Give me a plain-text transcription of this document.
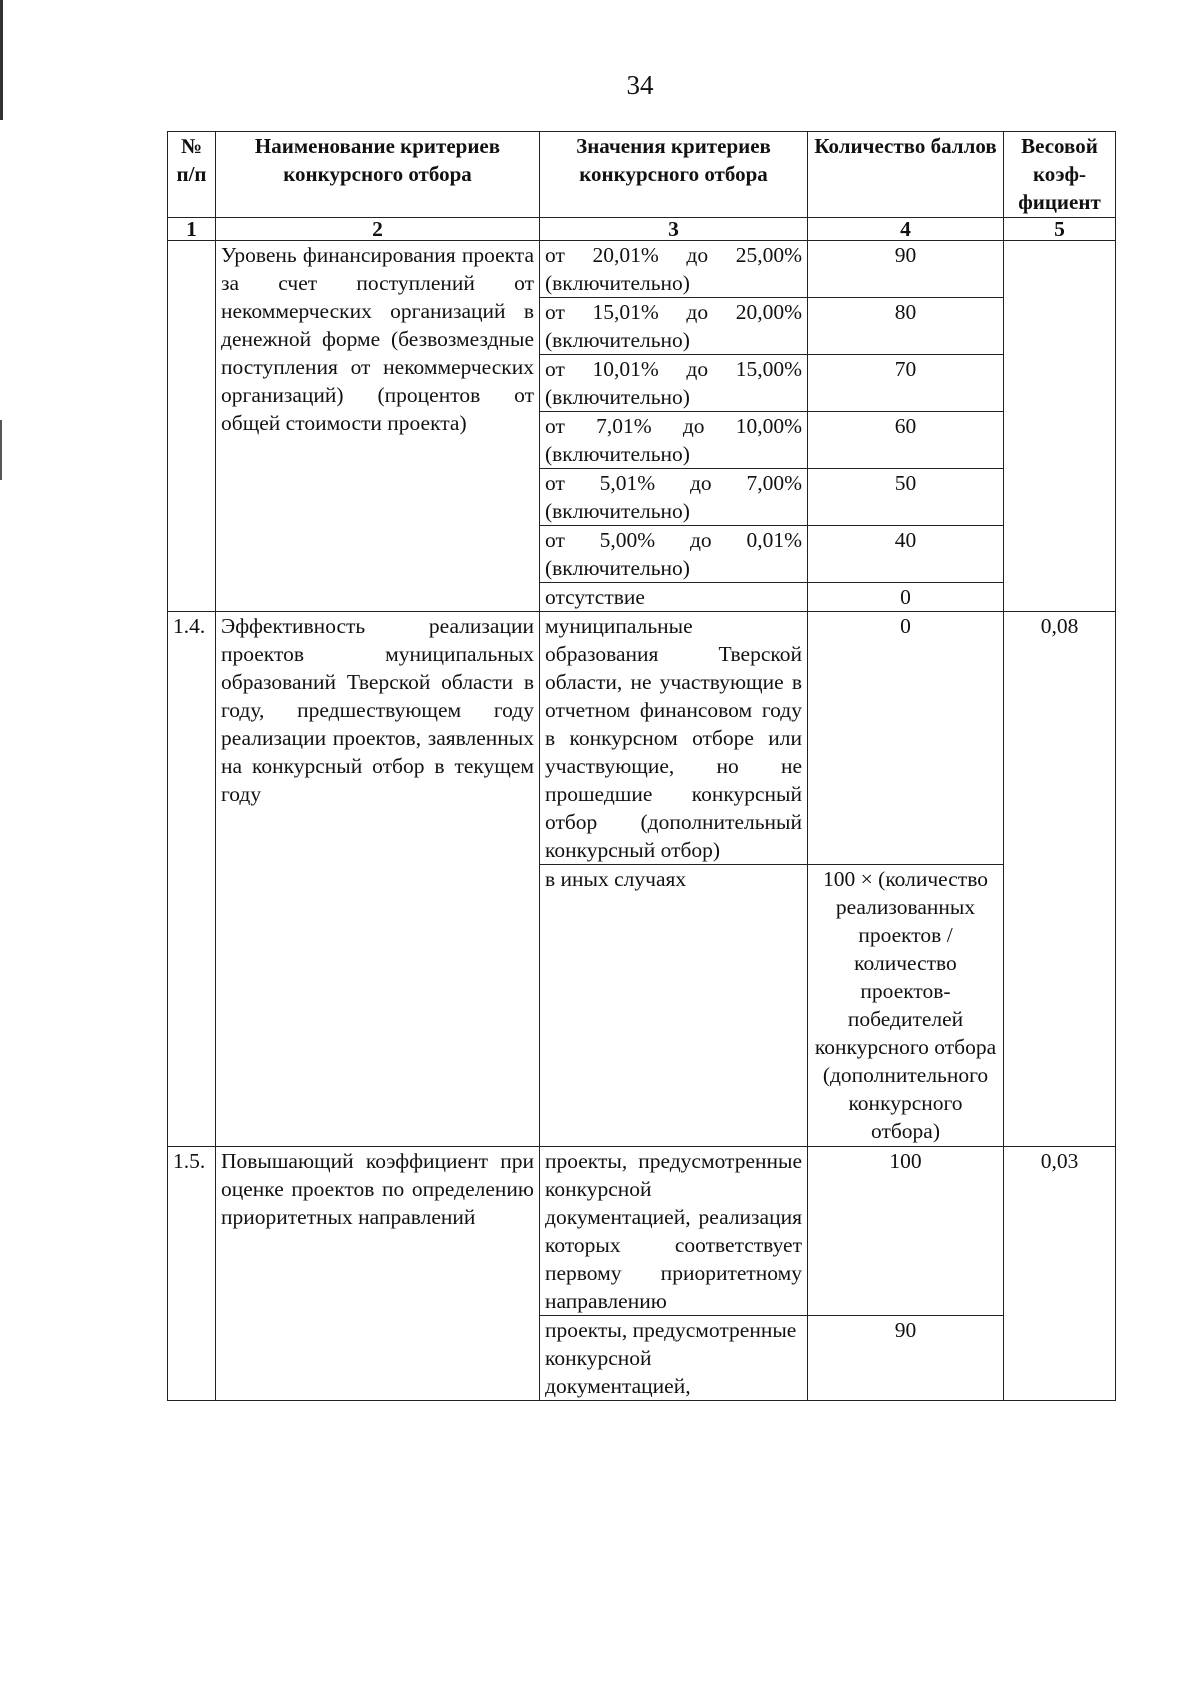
34
№ п/п	Наименование критериев конкурсного отбора	Значения критериев конкурсного отбора	Количество баллов	Весовой коэф-фициент
1	2	3	4	5
	Уровень финансирования проекта за счет поступлений от некоммерческих организаций в денежной форме (безвозмездные поступления от некоммерческих организаций) (процентов от общей стоимости проекта)	от 20,01% до 25,00% (включительно)	90	
		от 15,01% до 20,00% (включительно)	80	
		от 10,01% до 15,00% (включительно)	70	
		от 7,01% до 10,00% (включительно)	60	
		от 5,01% до 7,00% (включительно)	50	
		от 5,00% до 0,01% (включительно)	40	
		отсутствие	0	
1.4.	Эффективность реализации проектов муниципальных образований Тверской области в году, предшествующем году реализации проектов, заявленных на конкурсный отбор в текущем году	муниципальные образования Тверской области, не участвующие в отчетном финансовом году в конкурсном отборе или участвующие, но не прошедшие конкурсный отбор (дополнительный конкурсный отбор)	0	0,08
		в иных случаях	100 × (количество реализованных проектов / количество проектов-победителей конкурсного отбора (дополнительного конкурсного отбора)	
1.5.	Повышающий коэффициент при оценке проектов по определению приоритетных направлений	проекты, предусмотренные конкурсной документацией, реализация которых соответствует первому приоритетному направлению	100	0,03
		проекты, предусмотренные конкурсной документацией,	90	
